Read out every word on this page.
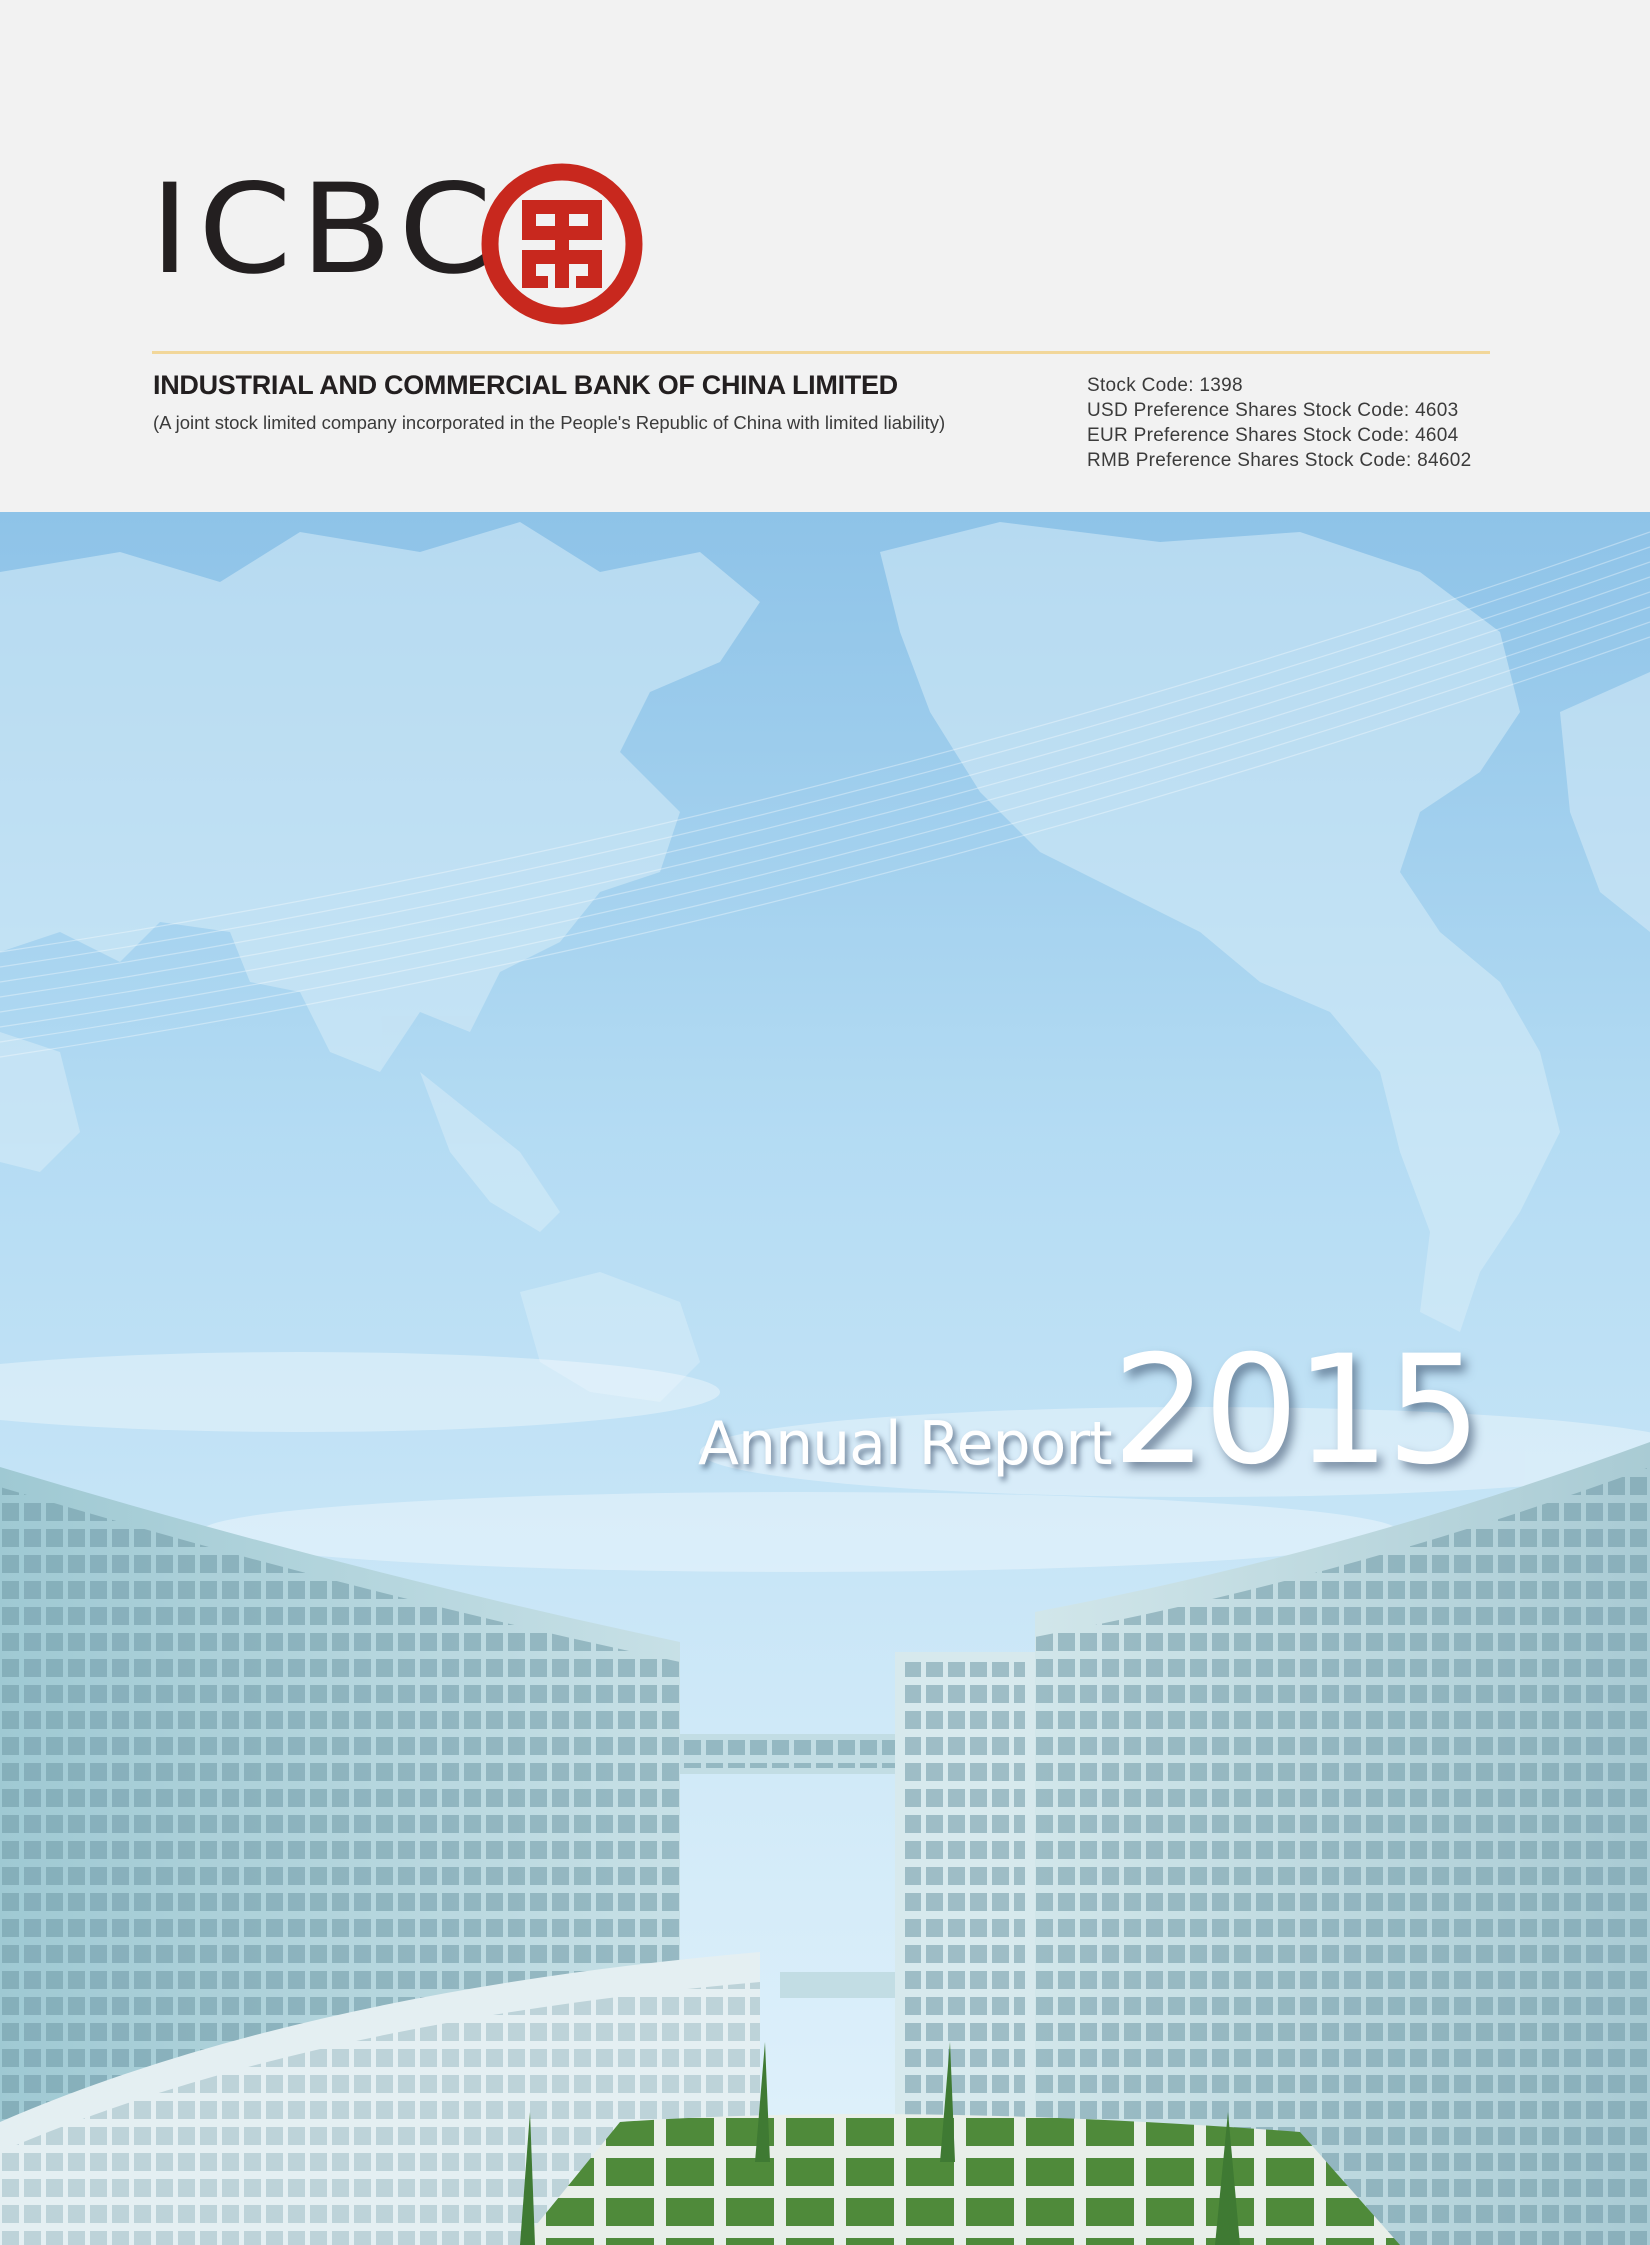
ICBC
INDUSTRIAL AND COMMERCIAL BANK OF CHINA LIMITED
(A joint stock limited company incorporated in the People's Republic of China with limited liability)
Stock Code: 1398
USD Preference Shares Stock Code: 4603
EUR Preference Shares Stock Code: 4604
RMB Preference Shares Stock Code: 84602
Annual Report 2015
